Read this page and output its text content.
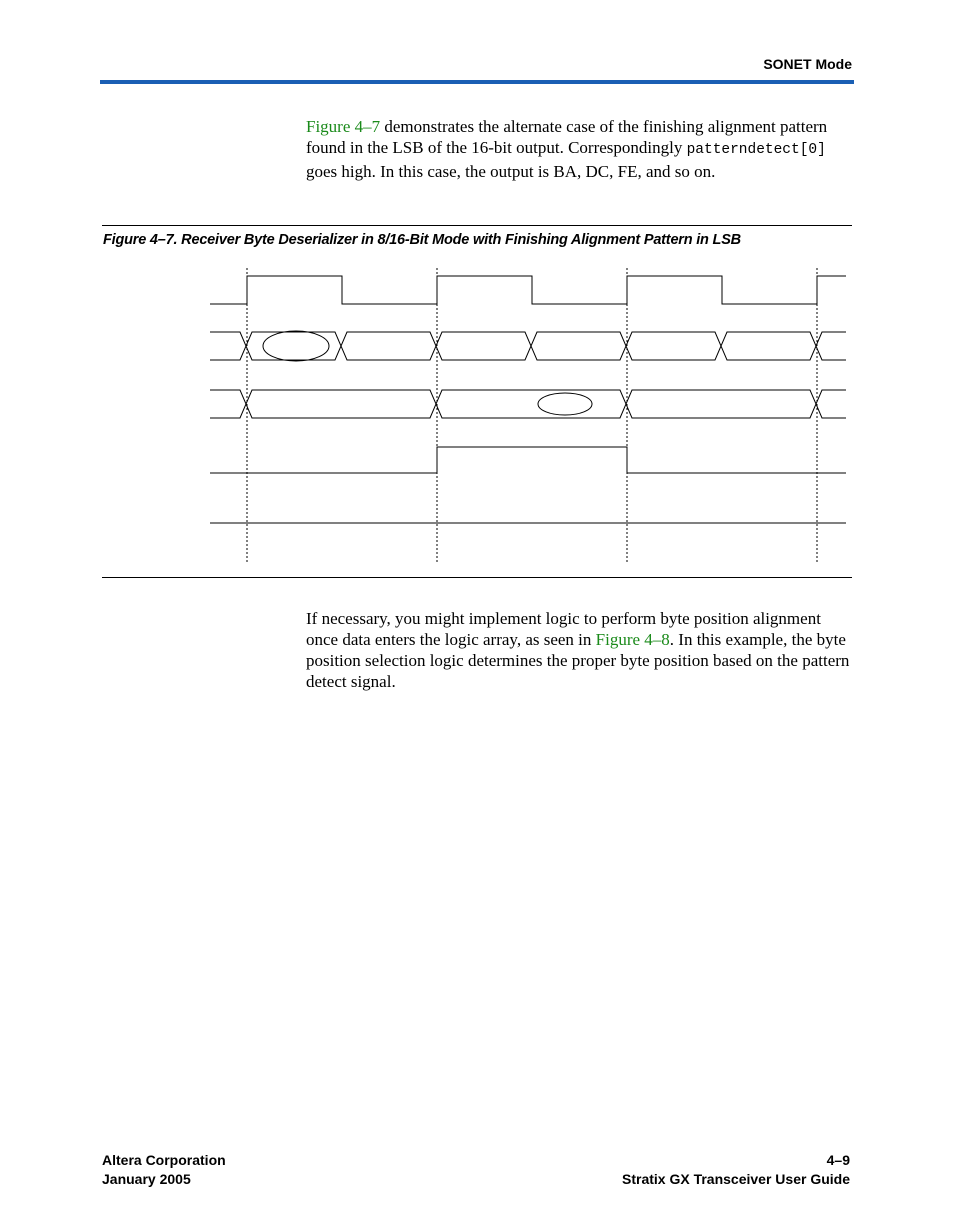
SONET Mode

Figure 4–7 demonstrates the alternate case of the finishing alignment pattern found in the LSB of the 16-bit output. Correspondingly patterndetect[0] goes high. In this case, the output is BA, DC, FE, and so on.

Figure 4–7. Receiver Byte Deserializer in 8/16-Bit Mode with Finishing Alignment Pattern in LSB

If necessary, you might implement logic to perform byte position alignment once data enters the logic array, as seen in Figure 4–8. In this example, the byte position selection logic determines the proper byte position based on the pattern detect signal.

Altera Corporation
January 2005
4–9
Stratix GX Transceiver User Guide
